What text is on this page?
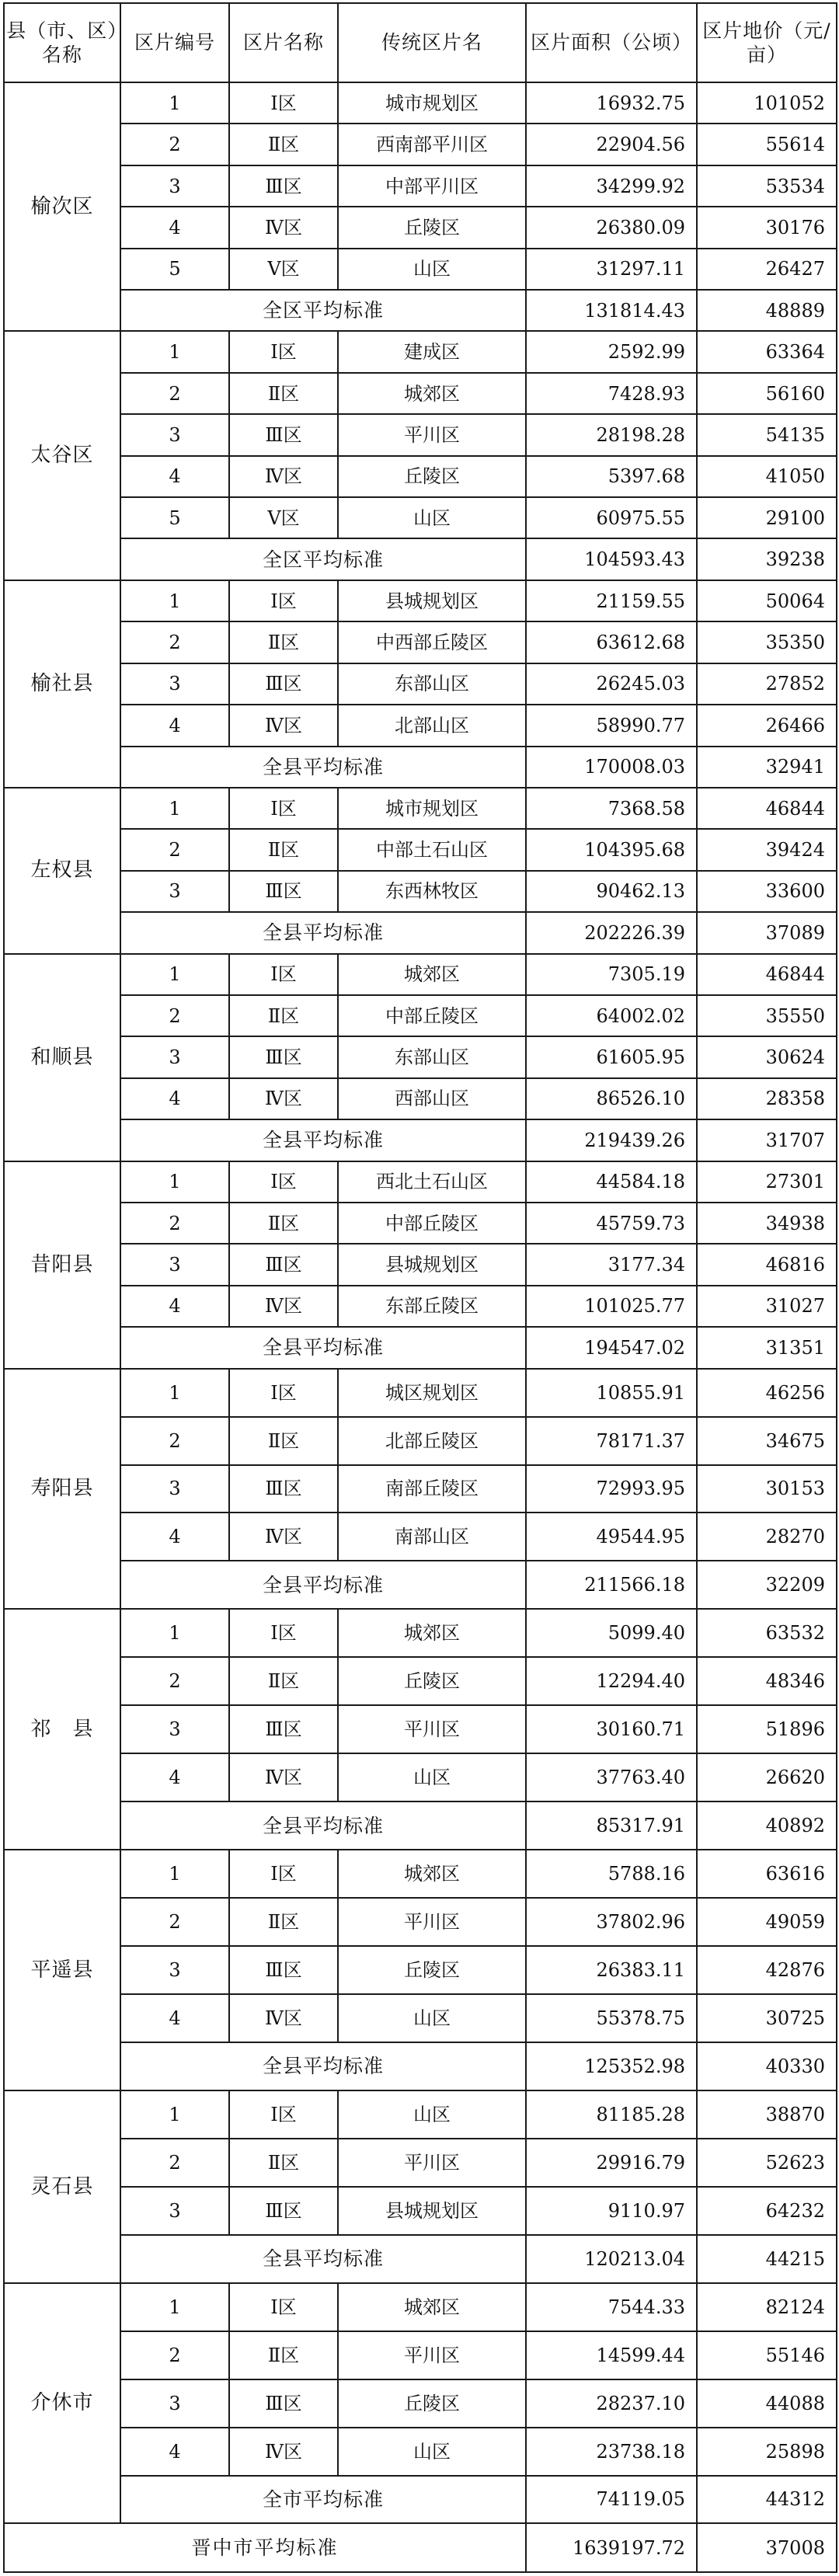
县（市、区）名称	区片编号	区片名称	传统区片名	区片面积（公顷）	区片地价（元/亩）
榆次区	1	Ⅰ区	城市规划区	16932.75	101052
	2	Ⅱ区	西南部平川区	22904.56	55614
	3	Ⅲ区	中部平川区	34299.92	53534
	4	Ⅳ区	丘陵区	26380.09	30176
	5	Ⅴ区	山区	31297.11	26427
	全区平均标准			131814.43	48889
太谷区	1	Ⅰ区	建成区	2592.99	63364
	2	Ⅱ区	城郊区	7428.93	56160
	3	Ⅲ区	平川区	28198.28	54135
	4	Ⅳ区	丘陵区	5397.68	41050
	5	Ⅴ区	山区	60975.55	29100
	全区平均标准			104593.43	39238
榆社县	1	Ⅰ区	县城规划区	21159.55	50064
	2	Ⅱ区	中西部丘陵区	63612.68	35350
	3	Ⅲ区	东部山区	26245.03	27852
	4	Ⅳ区	北部山区	58990.77	26466
	全县平均标准			170008.03	32941
左权县	1	Ⅰ区	城市规划区	7368.58	46844
	2	Ⅱ区	中部土石山区	104395.68	39424
	3	Ⅲ区	东西林牧区	90462.13	33600
	全县平均标准			202226.39	37089
和顺县	1	Ⅰ区	城郊区	7305.19	46844
	2	Ⅱ区	中部丘陵区	64002.02	35550
	3	Ⅲ区	东部山区	61605.95	30624
	4	Ⅳ区	西部山区	86526.10	28358
	全县平均标准			219439.26	31707
昔阳县	1	Ⅰ区	西北土石山区	44584.18	27301
	2	Ⅱ区	中部丘陵区	45759.73	34938
	3	Ⅲ区	县城规划区	3177.34	46816
	4	Ⅳ区	东部丘陵区	101025.77	31027
	全县平均标准			194547.02	31351
寿阳县	1	Ⅰ区	城区规划区	10855.91	46256
	2	Ⅱ区	北部丘陵区	78171.37	34675
	3	Ⅲ区	南部丘陵区	72993.95	30153
	4	Ⅳ区	南部山区	49544.95	28270
	全县平均标准			211566.18	32209
祁　县	1	Ⅰ区	城郊区	5099.40	63532
	2	Ⅱ区	丘陵区	12294.40	48346
	3	Ⅲ区	平川区	30160.71	51896
	4	Ⅳ区	山区	37763.40	26620
	全县平均标准			85317.91	40892
平遥县	1	Ⅰ区	城郊区	5788.16	63616
	2	Ⅱ区	平川区	37802.96	49059
	3	Ⅲ区	丘陵区	26383.11	42876
	4	Ⅳ区	山区	55378.75	30725
	全县平均标准			125352.98	40330
灵石县	1	Ⅰ区	山区	81185.28	38870
	2	Ⅱ区	平川区	29916.79	52623
	3	Ⅲ区	县城规划区	9110.97	64232
	全县平均标准			120213.04	44215
介休市	1	Ⅰ区	城郊区	7544.33	82124
	2	Ⅱ区	平川区	14599.44	55146
	3	Ⅲ区	丘陵区	28237.10	44088
	4	Ⅳ区	山区	23738.18	25898
	全市平均标准			74119.05	44312
晋中市平均标准				1639197.72	37008
